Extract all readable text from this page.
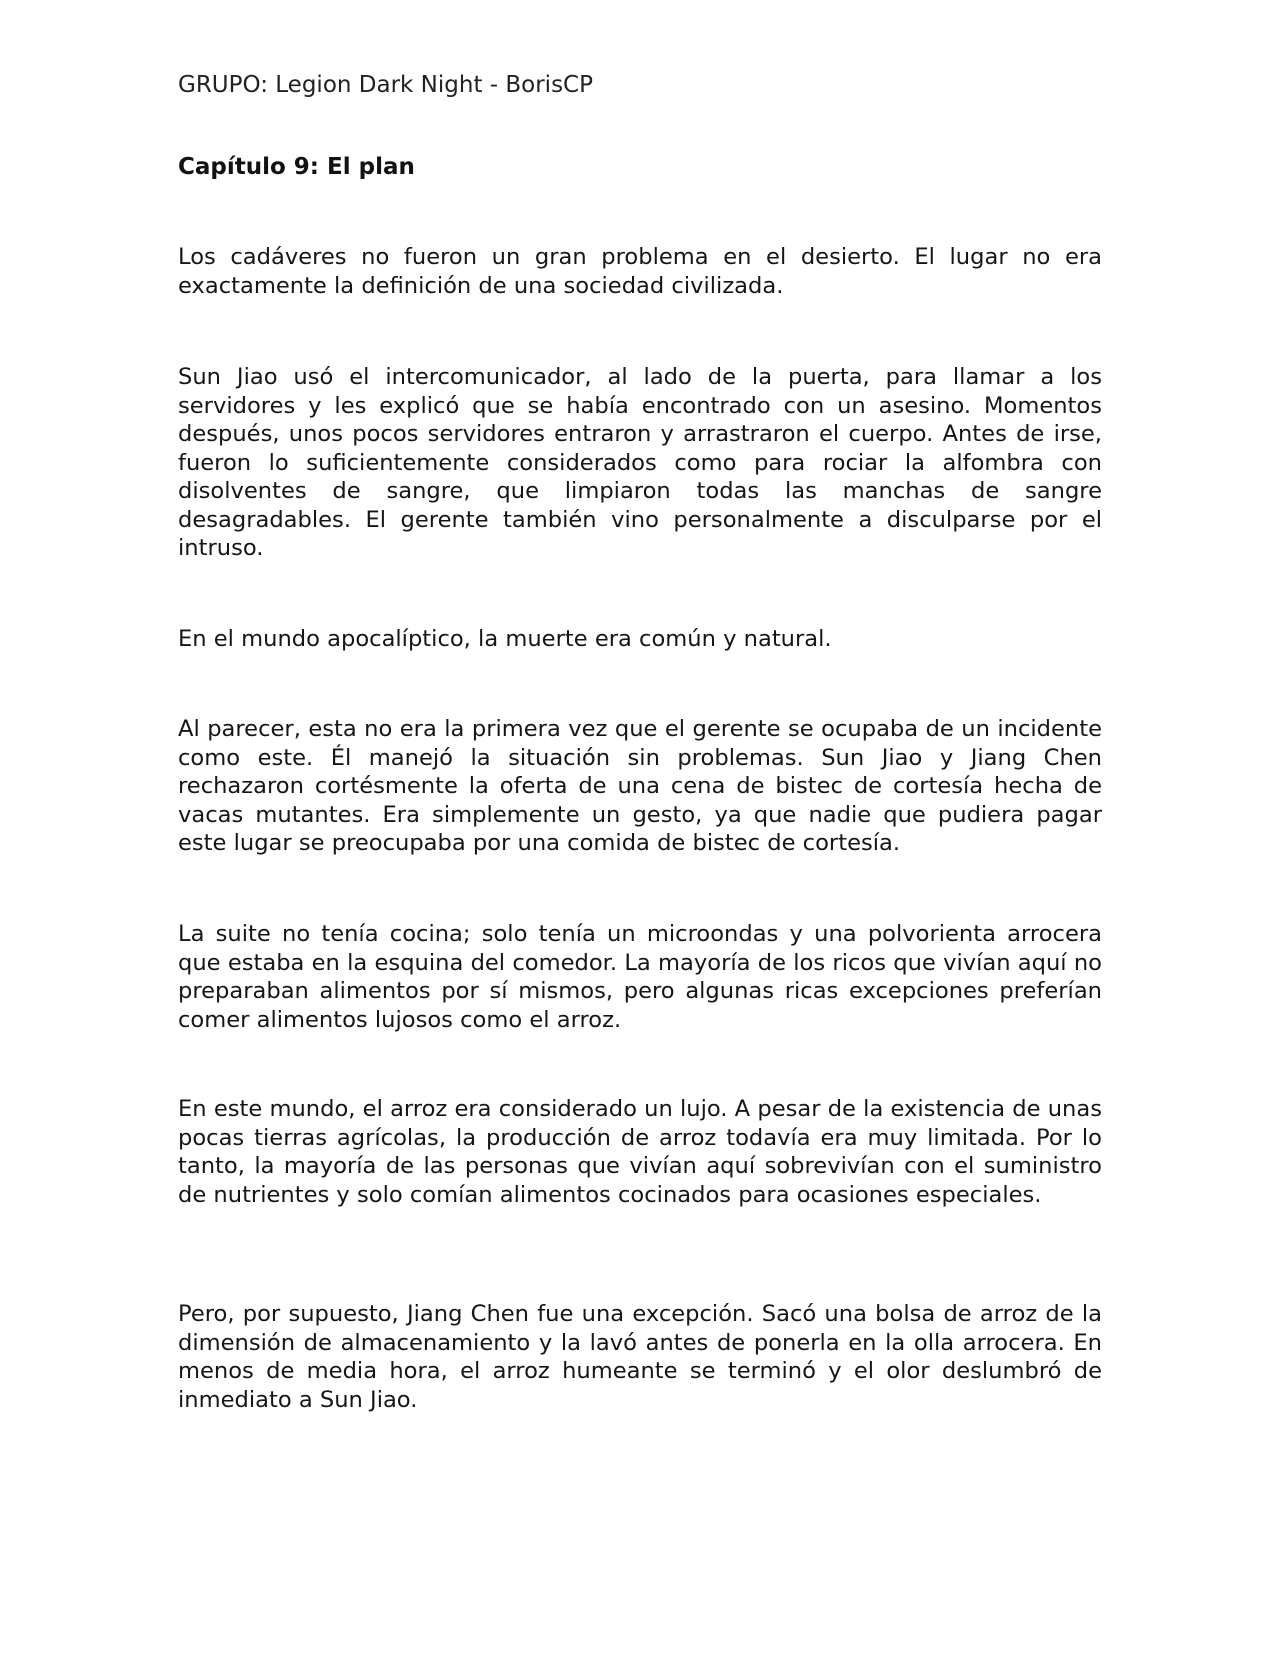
GRUPO: Legion Dark Night - BorisCP
Capítulo 9: El plan

Los cadáveres no fueron un gran problema en el desierto. El lugar no era exactamente la definición de una sociedad civilizada.

Sun Jiao usó el intercomunicador, al lado de la puerta, para llamar a los servidores y les explicó que se había encontrado con un asesino. Momentos después, unos pocos servidores entraron y arrastraron el cuerpo. Antes de irse, fueron lo suficientemente considerados como para rociar la alfombra con disolventes de sangre, que limpiaron todas las manchas de sangre desagradables. El gerente también vino personalmente a disculparse por el intruso.

En el mundo apocalíptico, la muerte era común y natural.

Al parecer, esta no era la primera vez que el gerente se ocupaba de un incidente como este. Él manejó la situación sin problemas. Sun Jiao y Jiang Chen rechazaron cortésmente la oferta de una cena de bistec de cortesía hecha de vacas mutantes. Era simplemente un gesto, ya que nadie que pudiera pagar este lugar se preocupaba por una comida de bistec de cortesía.

La suite no tenía cocina; solo tenía un microondas y una polvorienta arrocera que estaba en la esquina del comedor. La mayoría de los ricos que vivían aquí no preparaban alimentos por sí mismos, pero algunas ricas excepciones preferían comer alimentos lujosos como el arroz.

En este mundo, el arroz era considerado un lujo. A pesar de la existencia de unas pocas tierras agrícolas, la producción de arroz todavía era muy limitada. Por lo tanto, la mayoría de las personas que vivían aquí sobrevivían con el suministro de nutrientes y solo comían alimentos cocinados para ocasiones especiales.

Pero, por supuesto, Jiang Chen fue una excepción. Sacó una bolsa de arroz de la dimensión de almacenamiento y la lavó antes de ponerla en la olla arrocera. En menos de media hora, el arroz humeante se terminó y el olor deslumbró de inmediato a Sun Jiao.
